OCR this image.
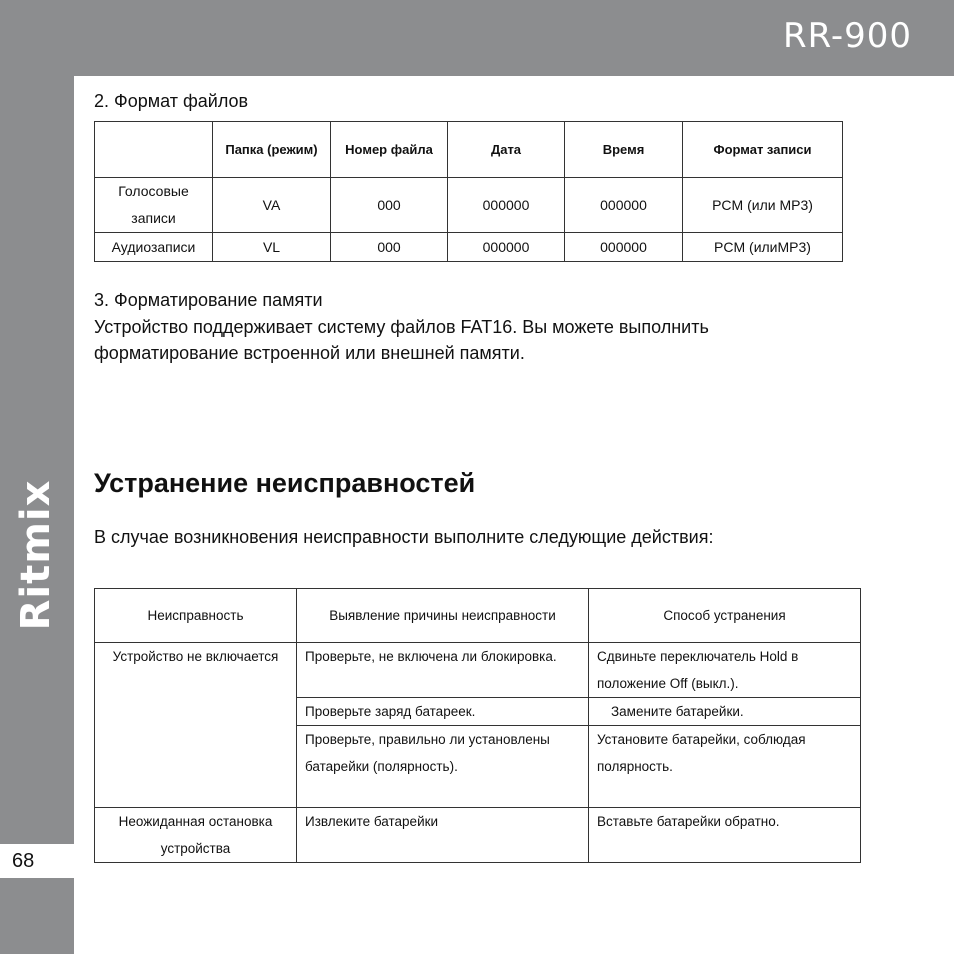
RR-900
Ritmix
68
2. Формат файлов
	Папка (режим)	Номер файла	Дата	Время	Формат записи
Голосовые записи	VA	000	000000	000000	PCM (или MP3)
Аудиозаписи	VL	000	000000	000000	PCM (илиMP3)
3. Форматирование памяти
Устройство поддерживает систему файлов FAT16. Вы можете выполнить форматирование встроенной или внешней памяти.
Устранение неисправностей
В случае возникновения неисправности выполните следующие действия:
Неисправность	Выявление причины неисправности	Способ устранения
Устройство не включается	Проверьте, не включена ли блокировка.	Сдвиньте переключатель Hold в положение Off (выкл.).
	Проверьте заряд батареек.	Замените батарейки.
	Проверьте, правильно ли установлены батарейки (полярность).	Установите батарейки, соблюдая полярность.
Неожиданная остановка устройства	Извлеките батарейки	Вставьте батарейки обратно.
